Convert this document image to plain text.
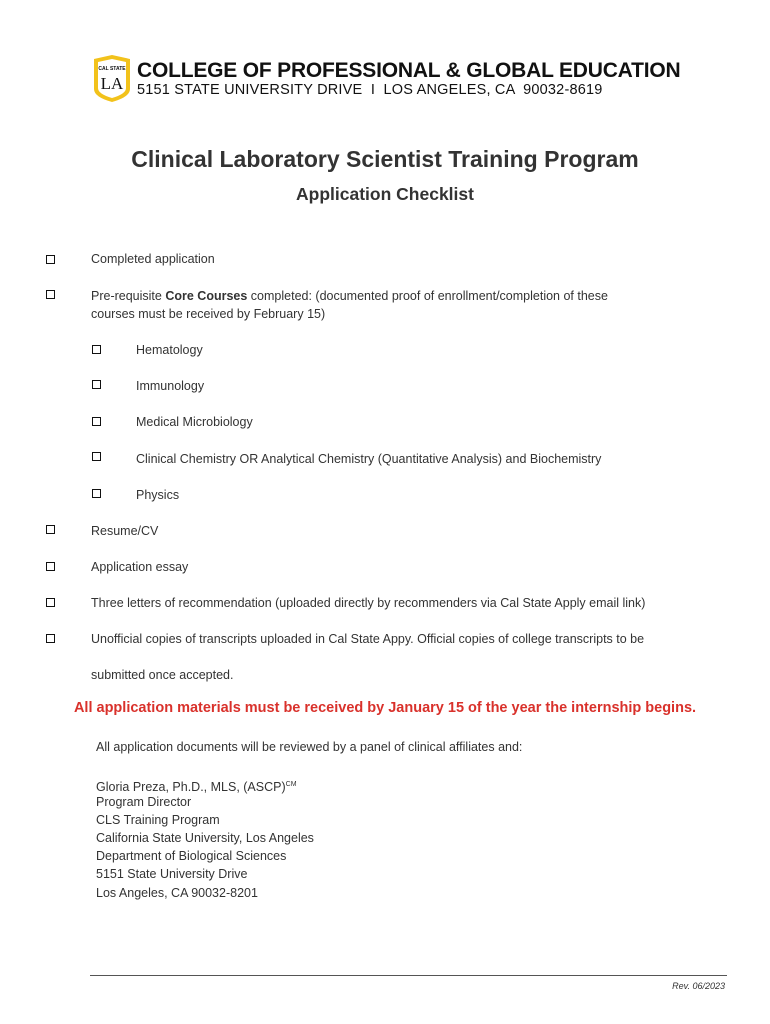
CAL STATE
LA
COLLEGE OF PROFESSIONAL & GLOBAL EDUCATION
5151 STATE UNIVERSITY DRIVE  I  LOS ANGELES, CA  90032-8619
Clinical Laboratory Scientist Training Program
Application Checklist
Completed application
Pre-requisite Core Courses completed: (documented proof of enrollment/completion of these
courses must be received by February 15)
Hematology
Immunology
Medical Microbiology
Clinical Chemistry OR Analytical Chemistry (Quantitative Analysis) and Biochemistry
Physics
Resume/CV
Application essay
Three letters of recommendation (uploaded directly by recommenders via Cal State Apply email link)
Unofficial copies of transcripts uploaded in Cal State Appy. Official copies of college transcripts to be
submitted once accepted.
All application materials must be received by January 15 of the year the internship begins.
All application documents will be reviewed by a panel of clinical affiliates and:
Gloria Preza, Ph.D., MLS, (ASCP)$^{CM}$
Program Director
CLS Training Program
California State University, Los Angeles
Department of Biological Sciences
5151 State University Drive
Los Angeles, CA 90032-8201
Rev. 06/2023
